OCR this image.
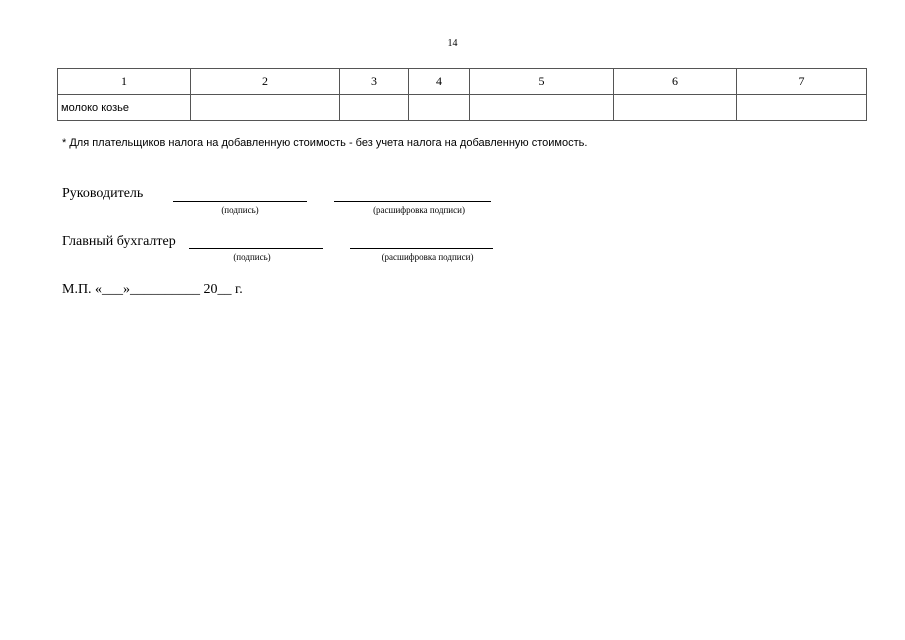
14
1	2	3	4	5	6	7
молоко козье						
* Для плательщиков налога на добавленную стоимость - без учета налога на добавленную стоимость.
Руководитель
(подпись)	(расшифровка подписи)
Главный бухгалтер
(подпись)	(расшифровка подписи)
М.П. «___»__________ 20__ г.
